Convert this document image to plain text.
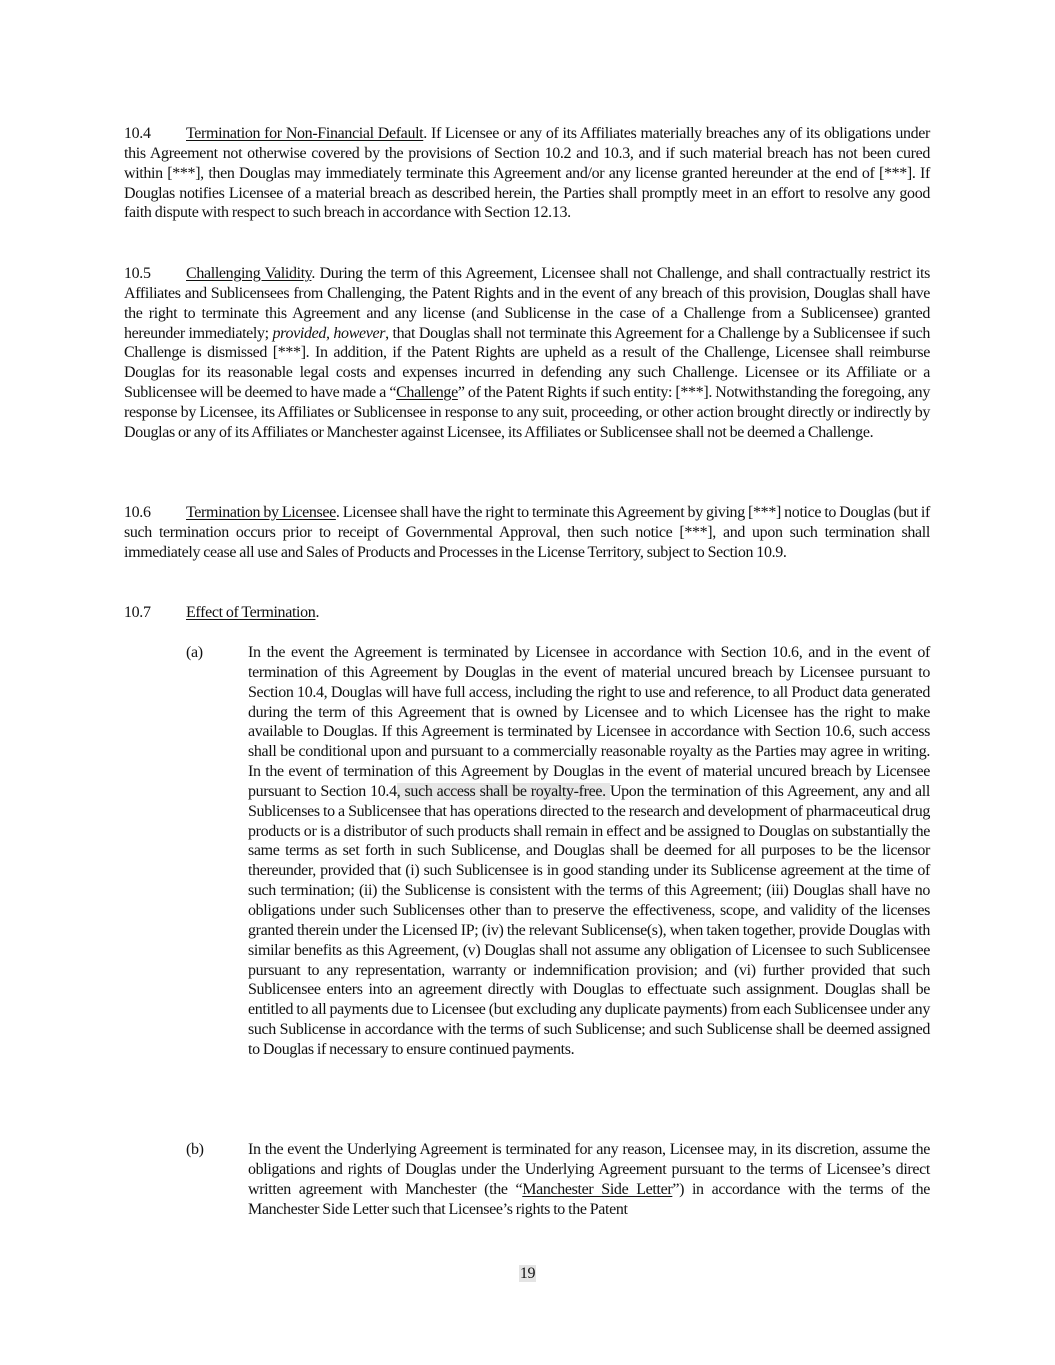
10.4 Termination for Non-Financial Default. If Licensee or any of its Affiliates materially breaches any of its obligations under this Agreement not otherwise covered by the provisions of Section 10.2 and 10.3, and if such material breach has not been cured within [***], then Douglas may immediately terminate this Agreement and/or any license granted hereunder at the end of [***]. If Douglas notifies Licensee of a material breach as described herein, the Parties shall promptly meet in an effort to resolve any good faith dispute with respect to such breach in accordance with Section 12.13.

10.5 Challenging Validity. During the term of this Agreement, Licensee shall not Challenge, and shall contractually restrict its Affiliates and Sublicensees from Challenging, the Patent Rights and in the event of any breach of this provision, Douglas shall have the right to terminate this Agreement and any license (and Sublicense in the case of a Challenge from a Sublicensee) granted hereunder immediately; provided, however, that Douglas shall not terminate this Agreement for a Challenge by a Sublicensee if such Challenge is dismissed [***]. In addition, if the Patent Rights are upheld as a result of the Challenge, Licensee shall reimburse Douglas for its reasonable legal costs and expenses incurred in defending any such Challenge. Licensee or its Affiliate or a Sublicensee will be deemed to have made a “Challenge” of the Patent Rights if such entity: [***]. Notwithstanding the foregoing, any response by Licensee, its Affiliates or Sublicensee in response to any suit, proceeding, or other action brought directly or indirectly by Douglas or any of its Affiliates or Manchester against Licensee, its Affiliates or Sublicensee shall not be deemed a Challenge.

10.6 Termination by Licensee. Licensee shall have the right to terminate this Agreement by giving [***] notice to Douglas (but if such termination occurs prior to receipt of Governmental Approval, then such notice [***], and upon such termination shall immediately cease all use and Sales of Products and Processes in the License Territory, subject to Section 10.9.

10.7 Effect of Termination.

(a)	In the event the Agreement is terminated by Licensee in accordance with Section 10.6, and in the event of termination of this Agreement by Douglas in the event of material uncured breach by Licensee pursuant to Section 10.4, Douglas will have full access, including the right to use and reference, to all Product data generated during the term of this Agreement that is owned by Licensee and to which Licensee has the right to make available to Douglas. If this Agreement is terminated by Licensee in accordance with Section 10.6, such access shall be conditional upon and pursuant to a commercially reasonable royalty as the Parties may agree in writing. In the event of termination of this Agreement by Douglas in the event of material uncured breach by Licensee pursuant to Section 10.4, such access shall be royalty-free. Upon the termination of this Agreement, any and all Sublicenses to a Sublicensee that has operations directed to the research and development of pharmaceutical drug products or is a distributor of such products shall remain in effect and be assigned to Douglas on substantially the same terms as set forth in such Sublicense, and Douglas shall be deemed for all purposes to be the licensor thereunder, provided that (i) such Sublicensee is in good standing under its Sublicense agreement at the time of such termination; (ii) the Sublicense is consistent with the terms of this Agreement; (iii) Douglas shall have no obligations under such Sublicenses other than to preserve the effectiveness, scope, and validity of the licenses granted therein under the Licensed IP; (iv) the relevant Sublicense(s), when taken together, provide Douglas with similar benefits as this Agreement, (v) Douglas shall not assume any obligation of Licensee to such Sublicensee pursuant to any representation, warranty or indemnification provision; and (vi) further provided that such Sublicensee enters into an agreement directly with Douglas to effectuate such assignment. Douglas shall be entitled to all payments due to Licensee (but excluding any duplicate payments) from each Sublicensee under any such Sublicense in accordance with the terms of such Sublicense; and such Sublicense shall be deemed assigned to Douglas if necessary to ensure continued payments.
(b)	In the event the Underlying Agreement is terminated for any reason, Licensee may, in its discretion, assume the obligations and rights of Douglas under the Underlying Agreement pursuant to the terms of Licensee’s direct written agreement with Manchester (the “Manchester Side Letter”) in accordance with the terms of the Manchester Side Letter such that Licensee’s rights to the Patent
19
